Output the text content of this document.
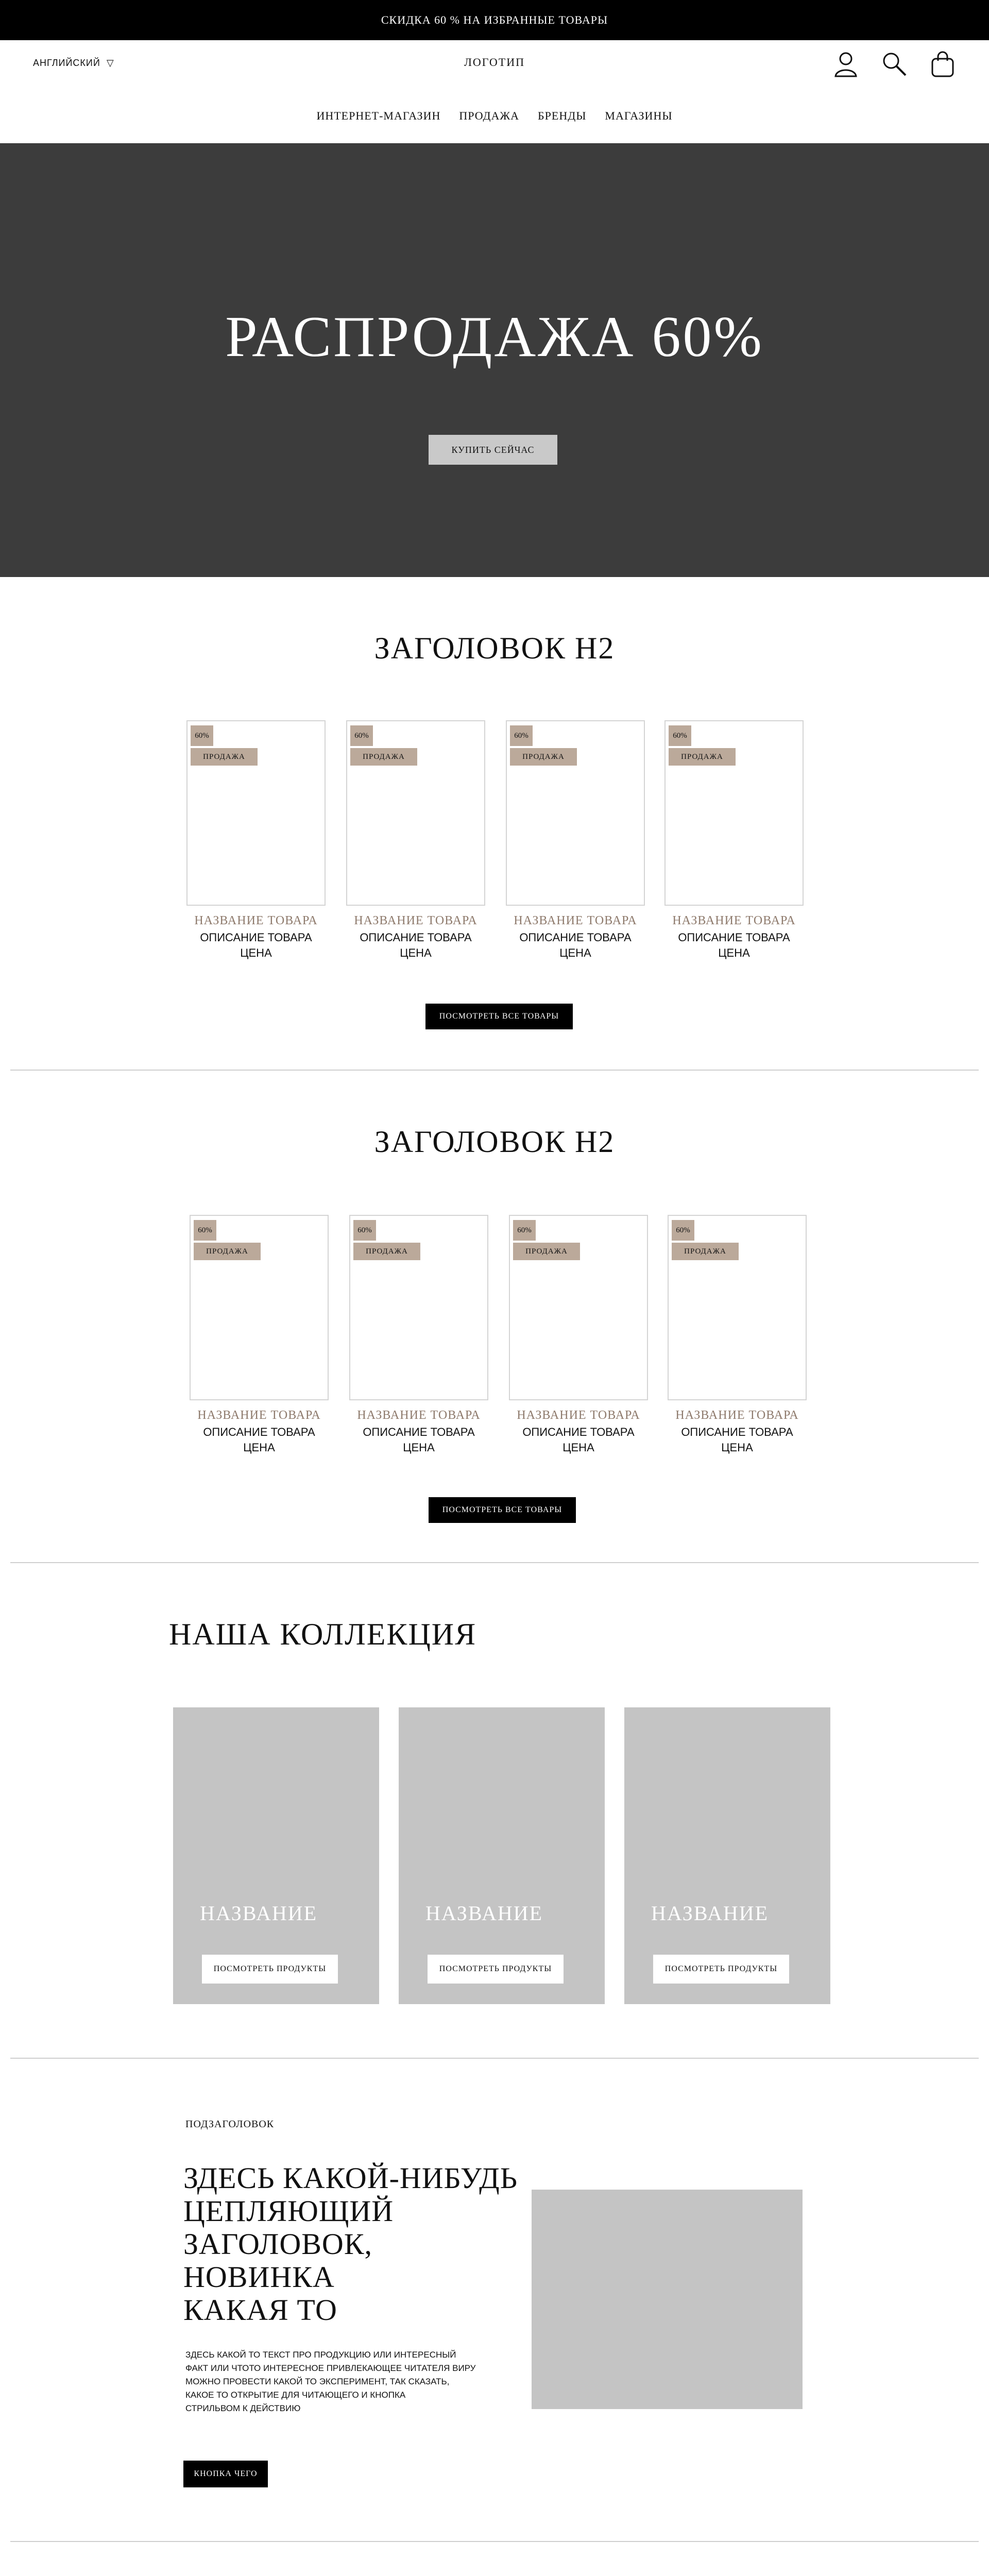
СКИДКА 60 % НА ИЗБРАННЫЕ ТОВАРЫ
АНГЛИЙСКИЙ ▽	ЛОГОТИП
ИНТЕРНЕТ-МАГАЗИН ПРОДАЖА БРЕНДЫ МАГАЗИНЫ
РАСПРОДАЖА 60%
КУПИТЬ СЕЙЧАС
ЗАГОЛОВОК H2
60%
ПРОДАЖА
НАЗВАНИЕ ТОВАРА
ОПИСАНИЕ ТОВАРА
ЦЕНА
60%
ПРОДАЖА
НАЗВАНИЕ ТОВАРА
ОПИСАНИЕ ТОВАРА
ЦЕНА
60%
ПРОДАЖА
НАЗВАНИЕ ТОВАРА
ОПИСАНИЕ ТОВАРА
ЦЕНА
60%
ПРОДАЖА
НАЗВАНИЕ ТОВАРА
ОПИСАНИЕ ТОВАРА
ЦЕНА
ПОСМОТРЕТЬ ВСЕ ТОВАРЫ
ЗАГОЛОВОК H2
60%
ПРОДАЖА
НАЗВАНИЕ ТОВАРА
ОПИСАНИЕ ТОВАРА
ЦЕНА
60%
ПРОДАЖА
НАЗВАНИЕ ТОВАРА
ОПИСАНИЕ ТОВАРА
ЦЕНА
60%
ПРОДАЖА
НАЗВАНИЕ ТОВАРА
ОПИСАНИЕ ТОВАРА
ЦЕНА
60%
ПРОДАЖА
НАЗВАНИЕ ТОВАРА
ОПИСАНИЕ ТОВАРА
ЦЕНА
ПОСМОТРЕТЬ ВСЕ ТОВАРЫ
НАША КОЛЛЕКЦИЯ
НАЗВАНИЕ
ПОСМОТРЕТЬ ПРОДУКТЫ
НАЗВАНИЕ
ПОСМОТРЕТЬ ПРОДУКТЫ
НАЗВАНИЕ
ПОСМОТРЕТЬ ПРОДУКТЫ
ПОДЗАГОЛОВОК
ЗДЕСЬ КАКОЙ-НИБУДЬ
ЦЕПЛЯЮЩИЙ
ЗАГОЛОВОК,
НОВИНКА
КАКАЯ ТО
ЗДЕСЬ КАКОЙ ТО ТЕКСТ ПРО ПРОДУКЦИЮ ИЛИ ИНТЕРЕСНЫЙ
ФАКТ ИЛИ ЧТОТО ИНТЕРЕСНОЕ ПРИВЛЕКАЮЩЕЕ ЧИТАТЕЛЯ ВИРУ
МОЖНО ПРОВЕСТИ КАКОЙ ТО ЭКСПЕРИМЕНТ, ТАК СКАЗАТЬ,
КАКОЕ ТО ОТКРЫТИЕ ДЛЯ ЧИТАЮЩЕГО И КНОПКА
СТРИЛЬВОМ К ДЕЙСТВИЮ
КНОПКА ЧЕГО
